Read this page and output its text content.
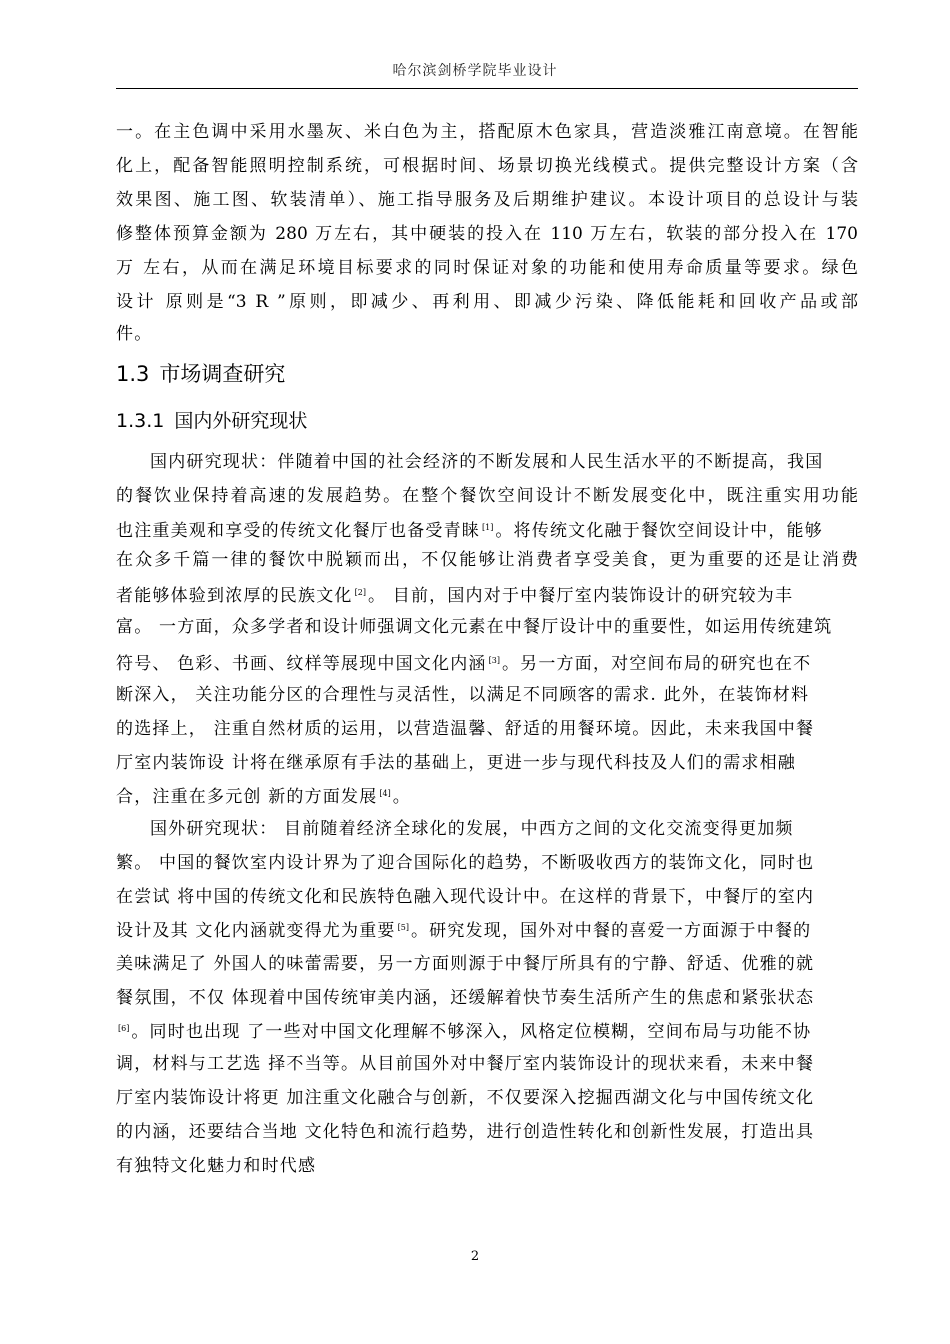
哈尔滨剑桥学院毕业设计
一。在主色调中采用水墨灰、米白色为主，搭配原木色家具，营造淡雅江南意境。在智能
化上，配备智能照明控制系统，可根据时间、场景切换光线模式。提供完整设计方案（含
效果图、施工图、软装清单）、施工指导服务及后期维护建议。本设计项目的总设计与装
修整体预算金额为 280 万左右，其中硬装的投入在 110 万左右，软装的部分投入在 170
万 左右，从而在满足环境目标要求的同时保证对象的功能和使用寿命质量等要求。绿色
设计 原则是“3 R ”原则，即减少、再利用、即减少污染、降低能耗和回收产品或部
件。
1.3 市场调查研究
1.3.1 国内外研究现状
国内研究现状：伴随着中国的社会经济的不断发展和人民生活水平的不断提高，我国
的餐饮业保持着高速的发展趋势。在整个餐饮空间设计不断发展变化中，既注重实用功能
也注重美观和享受的传统文化餐厅也备受青睐 [1] 。将传统文化融于餐饮空间设计中，能够
在众多千篇一律的餐饮中脱颖而出，不仅能够让消费者享受美食，更为重要的还是让消费
者能够体验到浓厚的民族文化 [2] 。 目前，国内对于中餐厅室内装饰设计的研究较为丰
富。 一方面，众多学者和设计师强调文化元素在中餐厅设计中的重要性，如运用传统建筑
符号、 色彩、书画、纹样等展现中国文化内涵 [3] 。另一方面，对空间布局的研究也在不
断深入， 关注功能分区的合理性与灵活性，以满足不同顾客的需求. 此外，在装饰材料
的选择上， 注重自然材质的运用，以营造温馨、舒适的用餐环境。因此，未来我国中餐
厅室内装饰设 计将在继承原有手法的基础上，更进一步与现代科技及人们的需求相融
合，注重在多元创 新的方面发展 [4] 。
国外研究现状： 目前随着经济全球化的发展，中西方之间的文化交流变得更加频
繁。 中国的餐饮室内设计界为了迎合国际化的趋势，不断吸收西方的装饰文化，同时也
在尝试 将中国的传统文化和民族特色融入现代设计中。在这样的背景下，中餐厅的室内
设计及其 文化内涵就变得尤为重要 [5] 。研究发现，国外对中餐的喜爱一方面源于中餐的
美味满足了 外国人的味蕾需要，另一方面则源于中餐厅所具有的宁静、舒适、优雅的就
餐氛围，不仅 体现着中国传统审美内涵，还缓解着快节奏生活所产生的焦虑和紧张状态
[6] 。同时也出现 了一些对中国文化理解不够深入，风格定位模糊，空间布局与功能不协
调，材料与工艺选 择不当等。从目前国外对中餐厅室内装饰设计的现状来看，未来中餐
厅室内装饰设计将更 加注重文化融合与创新，不仅要深入挖掘西湖文化与中国传统文化
的内涵，还要结合当地 文化特色和流行趋势，进行创造性转化和创新性发展，打造出具
有独特文化魅力和时代感
2
